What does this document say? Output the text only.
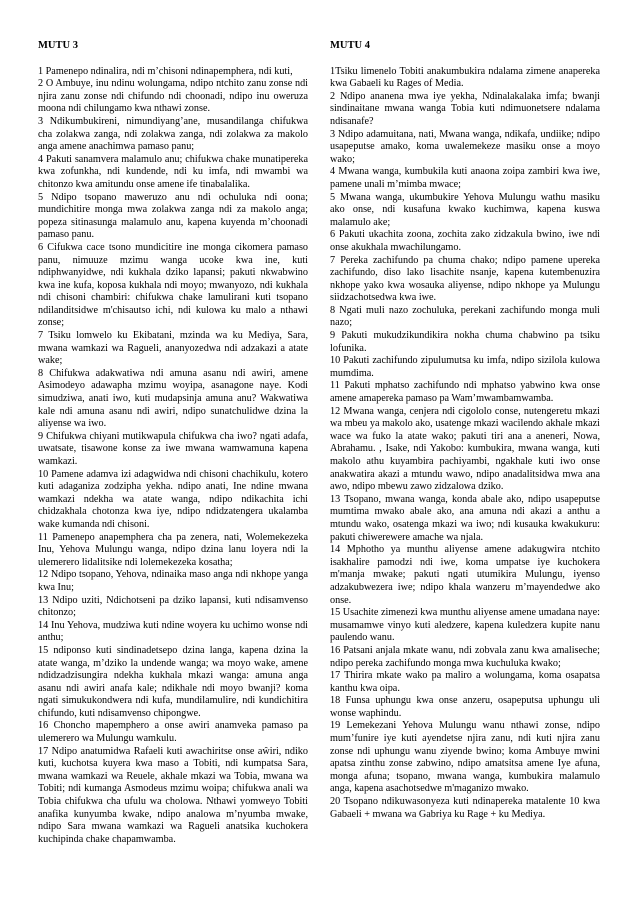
MUTU 3

1 Pamenepo ndinalira, ndi m’chisoni ndinapemphera, ndi kuti,

2 O Ambuye, inu ndinu wolungama, ndipo ntchito zanu zonse ndi njira zanu zonse ndi chifundo ndi choonadi, ndipo inu oweruza moona ndi chilungamo kwa nthawi zonse.

3 Ndikumbukireni, nimundiyang’ane, musandilanga chifukwa cha zolakwa zanga, ndi zolakwa zanga, ndi zolakwa za makolo anga amene anachimwa pamaso panu;

4 Pakuti sanamvera malamulo anu; chifukwa chake munatipereka kwa zofunkha, ndi kundende, ndi ku imfa, ndi mwambi wa chitonzo kwa amitundu onse amene ife tinabalalika.

5 Ndipo tsopano maweruzo anu ndi ochuluka ndi oona; mundichitire monga mwa zolakwa zanga ndi za makolo anga; popeza sitinasunga malamulo anu, kapena kuyenda m’choonadi pamaso panu.

6 Cifukwa cace tsono mundicitire ine monga cikomera pamaso panu, nimuuze mzimu wanga ucoke kwa ine, kuti ndiphwanyidwe, ndi kukhala dziko lapansi; pakuti nkwabwino kwa ine kufa, koposa kukhala ndi moyo; mwanyozo, ndi kukhala ndi chisoni chambiri: chifukwa chake lamulirani kuti tsopano ndilanditsidwe m'chisautso ichi, ndi kulowa ku malo a nthawi zonse;

7 Tsiku lomwelo ku Ekibatani, mzinda wa ku Mediya, Sara, mwana wamkazi wa Ragueli, ananyozedwa ndi adzakazi a atate wake;

8 Chifukwa adakwatiwa ndi amuna asanu ndi awiri, amene Asimodeyo adawapha mzimu woyipa, asanagone naye. Kodi simudziwa, anati iwo, kuti mudapsinja amuna anu? Wakwatiwa kale ndi amuna asanu ndi awiri, ndipo sunatchulidwe dzina la aliyense wa iwo.

9 Chifukwa chiyani mutikwapula chifukwa cha iwo? ngati adafa, uwatsate, tisawone konse za iwe mwana wamwamuna kapena wamkazi.

10 Pamene adamva izi adagwidwa ndi chisoni chachikulu, kotero kuti adaganiza zodzipha yekha. ndipo anati, Ine ndine mwana wamkazi ndekha wa atate wanga, ndipo ndikachita ichi chidzakhala chotonza kwa iye, ndipo ndidzatengera ukalamba wake kumanda ndi chisoni.

11 Pamenepo anapemphera cha pa zenera, nati, Wolemekezeka Inu, Yehova Mulungu wanga, ndipo dzina lanu loyera ndi la ulemerero lidalitsike ndi lolemekezeka kosatha;

12 Ndipo tsopano, Yehova, ndinaika maso anga ndi nkhope yanga kwa Inu;

13 Ndipo uziti, Ndichotseni pa dziko lapansi, kuti ndisamvenso chitonzo;

14 Inu Yehova, mudziwa kuti ndine woyera ku uchimo wonse ndi anthu;

15 ndiponso kuti sindinadetsepo dzina langa, kapena dzina la atate wanga, m’dziko la undende wanga; wa moyo wake, amene ndidzadzisungira ndekha kukhala mkazi wanga: amuna anga asanu ndi awiri anafa kale; ndikhale ndi moyo bwanji? koma ngati simukukondwera ndi kufa, mundilamulire, ndi kundichitira chifundo, kuti ndisamvenso chipongwe.

16 Choncho mapemphero a onse awiri anamveka pamaso pa ulemerero wa Mulungu wamkulu.

17 Ndipo anatumidwa Rafaeli kuti awachiritse onse aŵiri, ndiko kuti, kuchotsa kuyera kwa maso a Tobiti, ndi kumpatsa Sara, mwana wamkazi wa Reuele, akhale mkazi wa Tobia, mwana wa Tobiti; ndi kumanga Asmodeus mzimu woipa; chifukwa anali wa Tobia chifukwa cha ufulu wa cholowa. Nthawi yomweyo Tobiti anafika kunyumba kwake, ndipo analowa m’nyumba mwake, ndipo Sara mwana wamkazi wa Ragueli anatsika kuchokera kuchipinda chake chapamwamba.

MUTU 4

1Tsiku limenelo Tobiti anakumbukira ndalama zimene anapereka kwa Gabaeli ku Rages of Media.

2 Ndipo ananena mwa iye yekha, Ndinalakalaka imfa; bwanji sindinaitane mwana wanga Tobia kuti ndimuonetsere ndalama ndisanafe?

3 Ndipo adamuitana, nati, Mwana wanga, ndikafa, undiike; ndipo usapeputse amako, koma uwalemekeze masiku onse a moyo wako;

4 Mwana wanga, kumbukila kuti anaona zoipa zambiri kwa iwe, pamene unali m’mimba mwace;

5 Mwana wanga, ukumbukire Yehova Mulungu wathu masiku ako onse, ndi kusafuna kwako kuchimwa, kapena kuswa malamulo ake;

6 Pakuti ukachita zoona, zochita zako zidzakula bwino, iwe ndi onse akukhala mwachilungamo.

7 Pereka zachifundo pa chuma chako; ndipo pamene upereka zachifundo, diso lako lisachite nsanje, kapena kutembenuzira nkhope yako kwa wosauka aliyense, ndipo nkhope ya Mulungu siidzachotsedwa kwa iwe.

8 Ngati muli nazo zochuluka, perekani zachifundo monga muli nazo;

9 Pakuti mukudzikundikira nokha chuma chabwino pa tsiku lofunika.

10 Pakuti zachifundo zipulumutsa ku imfa, ndipo sizilola kulowa mumdima.

11 Pakuti mphatso zachifundo ndi mphatso yabwino kwa onse amene amapereka pamaso pa Wam’mwambamwamba.

12 Mwana wanga, cenjera ndi cigololo conse, nutengeretu mkazi wa mbeu ya makolo ako, usatenge mkazi wacilendo akhale mkazi wace wa fuko la atate wako; pakuti tiri ana a aneneri, Nowa, Abrahamu. , Isake, ndi Yakobo: kumbukira, mwana wanga, kuti makolo athu kuyambira pachiyambi, ngakhale kuti iwo onse anakwatira akazi a mtundu wawo, ndipo anadalitsidwa mwa ana awo, ndipo mbewu zawo zidzalowa dziko.

13 Tsopano, mwana wanga, konda abale ako, ndipo usapeputse mumtima mwako abale ako, ana amuna ndi akazi a anthu a mtundu wako, osatenga mkazi wa iwo; ndi kusauka kwakukuru: pakuti chiwerewere amache wa njala.

14 Mphotho ya munthu aliyense amene adakugwira ntchito isakhalire pamodzi ndi iwe, koma umpatse iye kuchokera m'manja mwake; pakuti ngati utumikira Mulungu, iyenso adzakubwezera iwe; ndipo khala wanzeru m’mayendedwe ako onse.

15 Usachite zimenezi kwa munthu aliyense amene umadana naye: musamamwe vinyo kuti aledzere, kapena kuledzera kupite nanu paulendo wanu.

16 Patsani anjala mkate wanu, ndi zobvala zanu kwa amaliseche; ndipo pereka zachifundo monga mwa kuchuluka kwako;

17 Thirira mkate wako pa maliro a wolungama, koma osapatsa kanthu kwa oipa.

18 Funsa uphungu kwa onse anzeru, osapeputsa uphungu uli wonse waphindu.

19 Lemekezani Yehova Mulungu wanu nthawi zonse, ndipo mum’funire iye kuti ayendetse njira zanu, ndi kuti njira zanu zonse ndi uphungu wanu ziyende bwino; koma Ambuye mwini apatsa zinthu zonse zabwino, ndipo amatsitsa amene Iye afuna, monga afuna; tsopano, mwana wanga, kumbukira malamulo anga, kapena asachotsedwe m'maganizo mwako.

20 Tsopano ndikuwasonyeza kuti ndinapereka matalente 10 kwa Gabaeli + mwana wa Gabriya ku Rage + ku Mediya.
